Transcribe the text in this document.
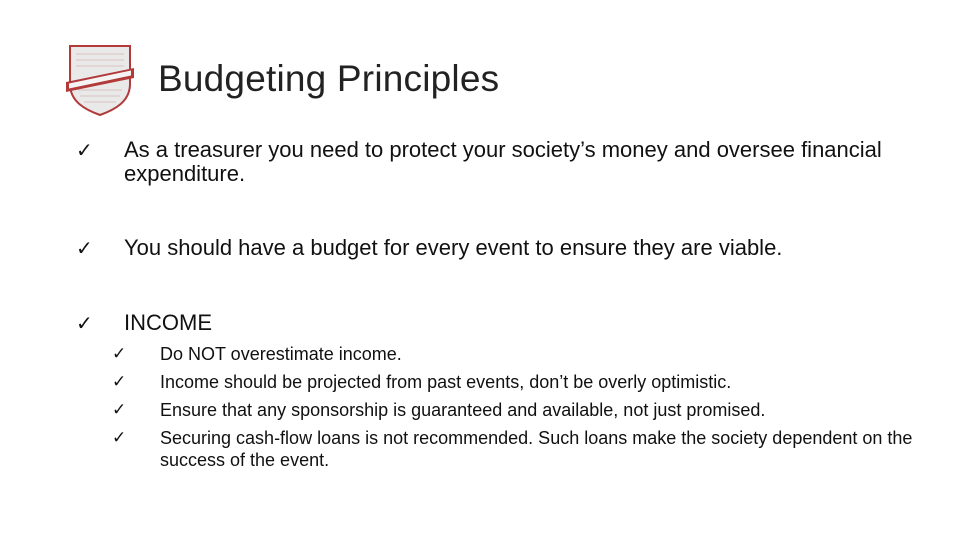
Budgeting Principles
✓ As a treasurer you need to protect your society’s money and oversee financial expenditure.
✓ You should have a budget for every event to ensure they are viable.
✓ INCOME
✓ Do NOT overestimate income.
✓ Income should be projected from past events, don’t be overly optimistic.
✓ Ensure that any sponsorship is guaranteed and available, not just promised.
✓ Securing cash-flow loans is not recommended. Such loans make the society dependent on the success of the event.
